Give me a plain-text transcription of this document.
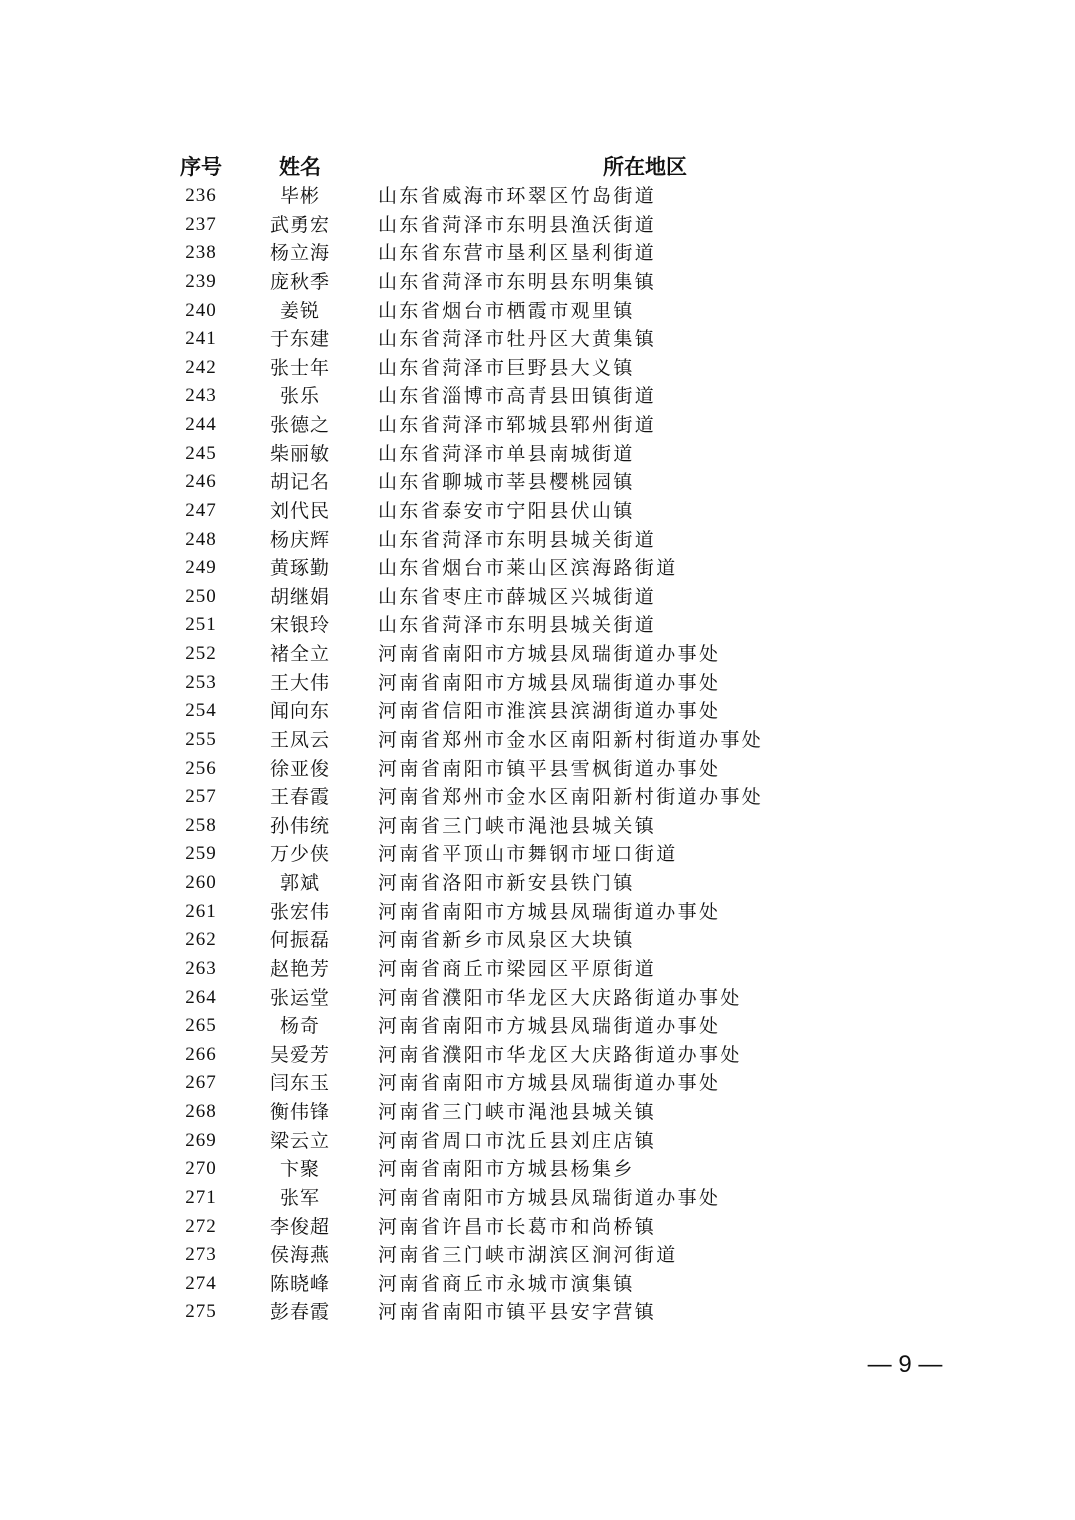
序号	姓名	所在地区
236	毕彬	山东省威海市环翠区竹岛街道
237	武勇宏	山东省菏泽市东明县渔沃街道
238	杨立海	山东省东营市垦利区垦利街道
239	庞秋季	山东省菏泽市东明县东明集镇
240	姜锐	山东省烟台市栖霞市观里镇
241	于东建	山东省菏泽市牡丹区大黄集镇
242	张士年	山东省菏泽市巨野县大义镇
243	张乐	山东省淄博市高青县田镇街道
244	张德之	山东省菏泽市郓城县郓州街道
245	柴丽敏	山东省菏泽市单县南城街道
246	胡记名	山东省聊城市莘县樱桃园镇
247	刘代民	山东省泰安市宁阳县伏山镇
248	杨庆辉	山东省菏泽市东明县城关街道
249	黄琢勤	山东省烟台市莱山区滨海路街道
250	胡继娟	山东省枣庄市薛城区兴城街道
251	宋银玲	山东省菏泽市东明县城关街道
252	褚全立	河南省南阳市方城县凤瑞街道办事处
253	王大伟	河南省南阳市方城县凤瑞街道办事处
254	闻向东	河南省信阳市淮滨县滨湖街道办事处
255	王凤云	河南省郑州市金水区南阳新村街道办事处
256	徐亚俊	河南省南阳市镇平县雪枫街道办事处
257	王春霞	河南省郑州市金水区南阳新村街道办事处
258	孙伟统	河南省三门峡市渑池县城关镇
259	万少侠	河南省平顶山市舞钢市垭口街道
260	郭斌	河南省洛阳市新安县铁门镇
261	张宏伟	河南省南阳市方城县凤瑞街道办事处
262	何振磊	河南省新乡市凤泉区大块镇
263	赵艳芳	河南省商丘市梁园区平原街道
264	张运堂	河南省濮阳市华龙区大庆路街道办事处
265	杨奇	河南省南阳市方城县凤瑞街道办事处
266	吴爱芳	河南省濮阳市华龙区大庆路街道办事处
267	闫东玉	河南省南阳市方城县凤瑞街道办事处
268	衡伟锋	河南省三门峡市渑池县城关镇
269	梁云立	河南省周口市沈丘县刘庄店镇
270	卞聚	河南省南阳市方城县杨集乡
271	张军	河南省南阳市方城县凤瑞街道办事处
272	李俊超	河南省许昌市长葛市和尚桥镇
273	侯海燕	河南省三门峡市湖滨区涧河街道
274	陈晓峰	河南省商丘市永城市演集镇
275	彭春霞	河南省南阳市镇平县安字营镇
— 9 —
